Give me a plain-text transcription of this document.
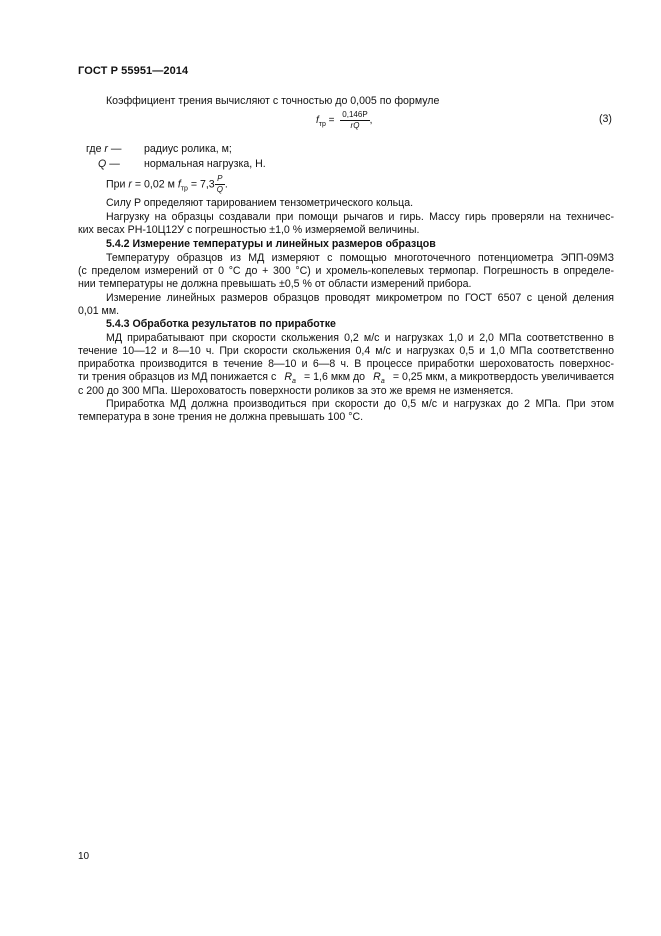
ГОСТ Р 55951—2014
Коэффициент трения вычисляют с точностью до 0,005 по формуле
$f_{тр} = \frac{0,146P}{rQ}$ ,	(3)
где r — радиус ролика, м;
Q — нормальная нагрузка, Н.
При r = 0,02 м $f_{тр} = 7,3 \frac{P}{Q}$ .
Силу P определяют тарированием тензометрического кольца.
Нагрузку на образцы создавали при помощи рычагов и гирь. Массу гирь проверяли на техничес-
ких весах РН-10Ц12У с погрешностью ±1,0 % измеряемой величины.
5.4.2 Измерение температуры и линейных размеров образцов
Температуру образцов из МД измеряют с помощью многоточечного потенциометра ЭПП-09МЗ
(с пределом измерений от 0 °С до + 300 °С) и хромель-копелевых термопар. Погрешность в определе-
нии температуры не должна превышать ±0,5 % от области измерений прибора.
Измерение линейных размеров образцов проводят микрометром по ГОСТ 6507 с ценой деления
0,01 мм.
5.4.3 Обработка результатов по приработке
МД прирабатывают при скорости скольжения 0,2 м/с и нагрузках 1,0 и 2,0 МПа соответственно в
течение 10—12 и 8—10 ч. При скорости скольжения 0,4 м/с и нагрузках 0,5 и 1,0 МПа соответственно
приработка производится в течение 8—10 и 6—8 ч. В процессе приработки шероховатость поверхнос-
ти трения образцов из МД понижается с $R_a = 1,6$ мкм до $R_a = 0,25$ мкм, а микротвердость увеличивается
с 200 до 300 МПа. Шероховатость поверхности роликов за это же время не изменяется.
Приработка МД должна производиться при скорости до 0,5 м/с и нагрузках до 2 МПа. При этом
температура в зоне трения не должна превышать 100 °С.
10
